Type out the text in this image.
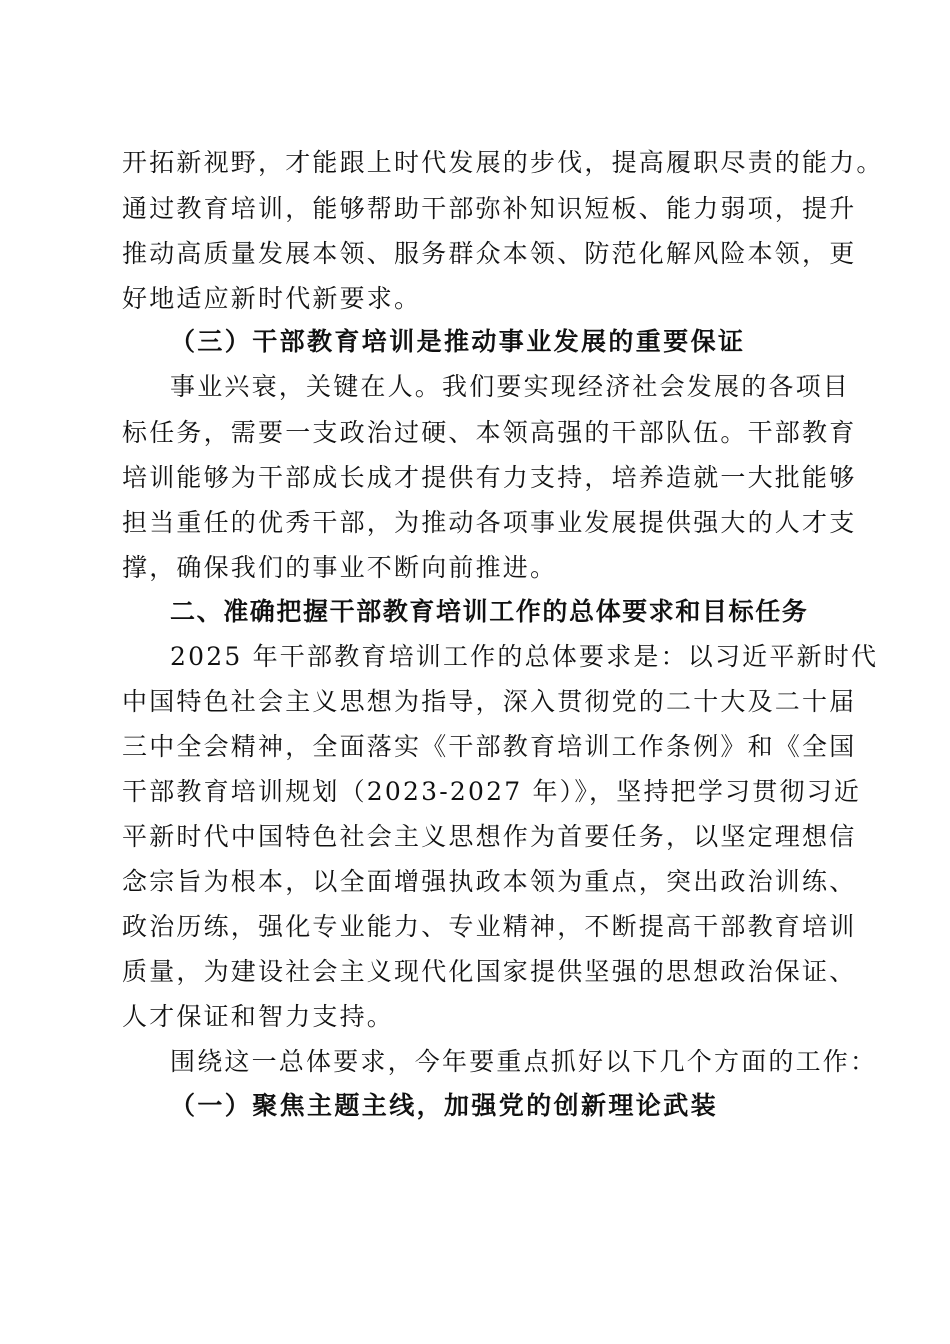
开拓新视野，才能跟上时代发展的步伐，提高履职尽责的能力。
通过教育培训，能够帮助干部弥补知识短板、能力弱项，提升
推动高质量发展本领、服务群众本领、防范化解风险本领，更
好地适应新时代新要求。
（三）干部教育培训是推动事业发展的重要保证
事业兴衰，关键在人。我们要实现经济社会发展的各项目
标任务，需要一支政治过硬、本领高强的干部队伍。干部教育
培训能够为干部成长成才提供有力支持，培养造就一大批能够
担当重任的优秀干部，为推动各项事业发展提供强大的人才支
撑，确保我们的事业不断向前推进。
二、准确把握干部教育培训工作的总体要求和目标任务
2025 年干部教育培训工作的总体要求是：以习近平新时代
中国特色社会主义思想为指导，深入贯彻党的二十大及二十届
三中全会精神，全面落实《干部教育培训工作条例》和《全国
干部教育培训规划（2023-2027 年）》，坚持把学习贯彻习近
平新时代中国特色社会主义思想作为首要任务，以坚定理想信
念宗旨为根本，以全面增强执政本领为重点，突出政治训练、
政治历练，强化专业能力、专业精神，不断提高干部教育培训
质量，为建设社会主义现代化国家提供坚强的思想政治保证、
人才保证和智力支持。
围绕这一总体要求，今年要重点抓好以下几个方面的工作：
（一）聚焦主题主线，加强党的创新理论武装
